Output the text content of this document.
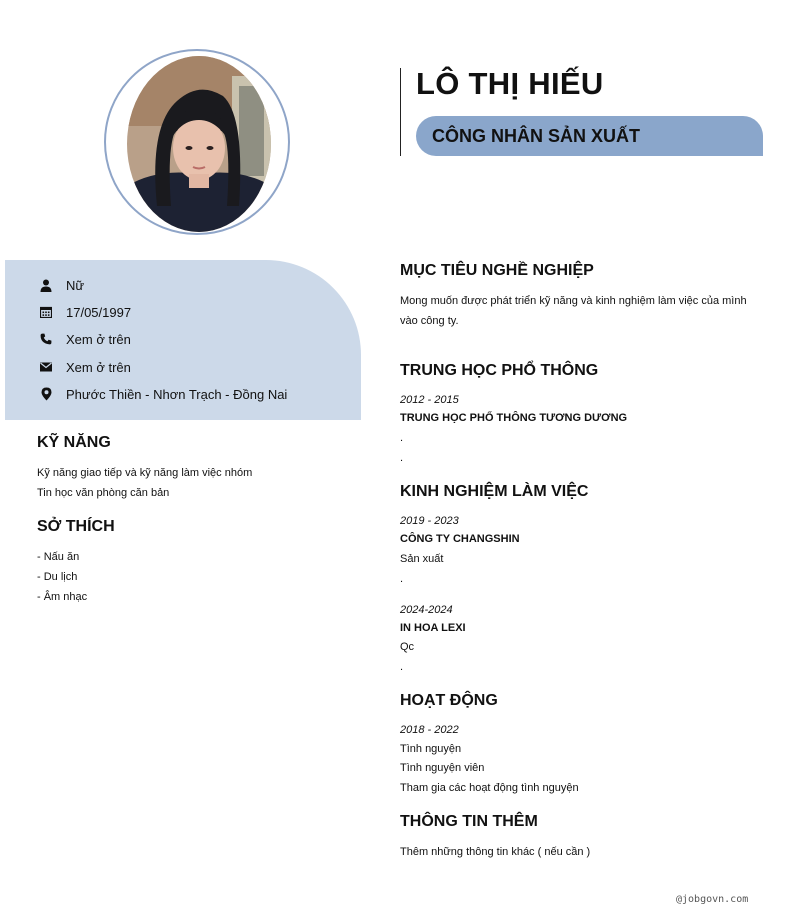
LÔ THỊ HIẾU
CÔNG NHÂN SẢN XUẤT
Nữ
17/05/1997
Xem ở trên
Xem ở trên
Phước Thiền - Nhơn Trạch - Đồng Nai
KỸ NĂNG
Kỹ năng giao tiếp và kỹ năng làm việc nhóm
Tin học văn phòng căn bản
SỞ THÍCH
- Nấu ăn
- Du lịch
- Âm nhạc
MỤC TIÊU NGHỀ NGHIỆP
Mong muốn được phát triển kỹ năng và kinh nghiệm làm việc của mình
vào công ty.
TRUNG HỌC PHỔ THÔNG
2012 - 2015
TRUNG HỌC PHỔ THÔNG TƯƠNG DƯƠNG
.
.
KINH NGHIỆM LÀM VIỆC
2019 - 2023
CÔNG TY CHANGSHIN
Sản xuất
.
2024-2024
IN HOA LEXI
Qc
.
HOẠT ĐỘNG
2018 - 2022
Tình nguyện
Tình nguyện viên
Tham gia các hoạt động tình nguyện
THÔNG TIN THÊM
Thêm những thông tin khác ( nếu cần )
@jobgovn.com
